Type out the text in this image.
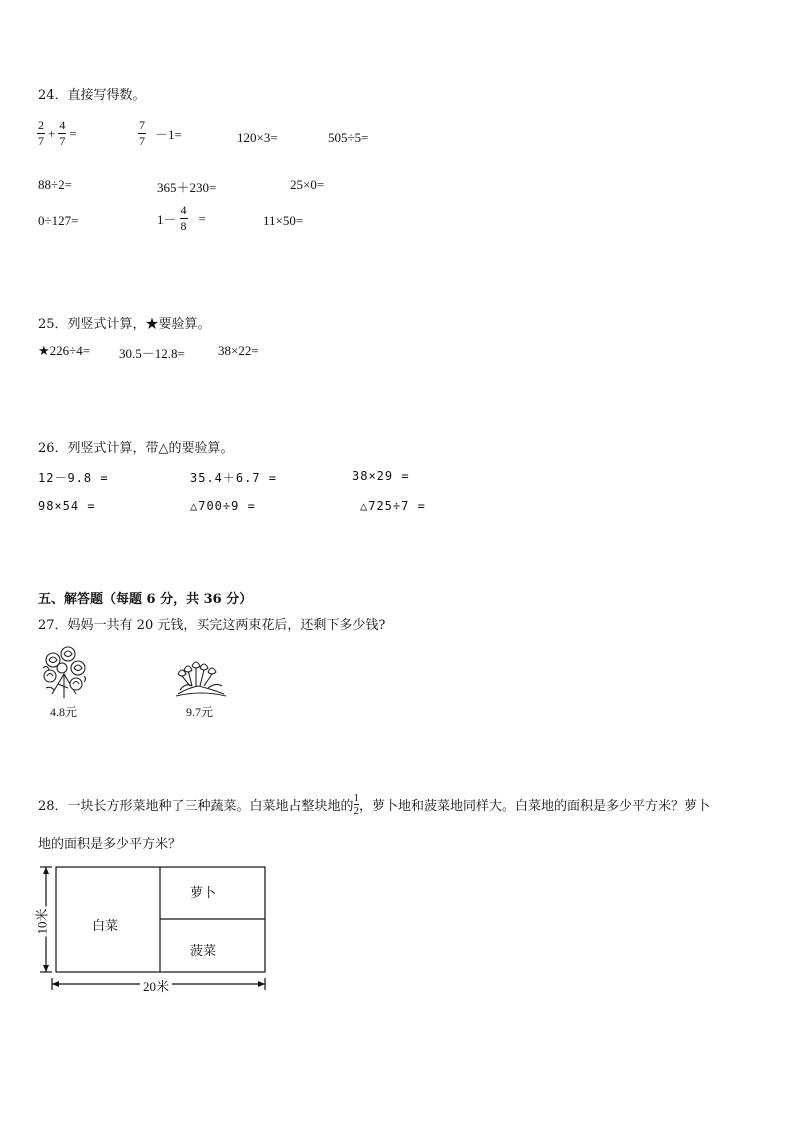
24．直接写得数。
$\frac{2}{7} + \frac{4}{7}$ =	$\frac{7}{7} -1=$	120×3=	505÷5=
88÷2=	365＋230=	25×0=
0÷127=	$1- \frac{4}{8}$ =	11×50=
25．列竖式计算，★要验算。
★226÷4= 30.5－12.8=	38×22=
26．列竖式计算，带△的要验算。
12－9.8 =	35.4＋6.7 =	38×29 =
98×54 =	△700÷9 =	△725÷7 =
五、解答题（每题 6 分，共 36 分）
27．妈妈一共有 20 元钱，买完这两束花后，还剩下多少钱?
4.8元	9.7元
28．一块长方形菜地种了三种蔬菜。白菜地占整块地的 $\frac{1}{2}$ ，萝卜地和菠菜地同样大。白菜地的面积是多少平方米？萝卜
地的面积是多少平方米？
白菜
萝卜
菠菜
10米
20米
